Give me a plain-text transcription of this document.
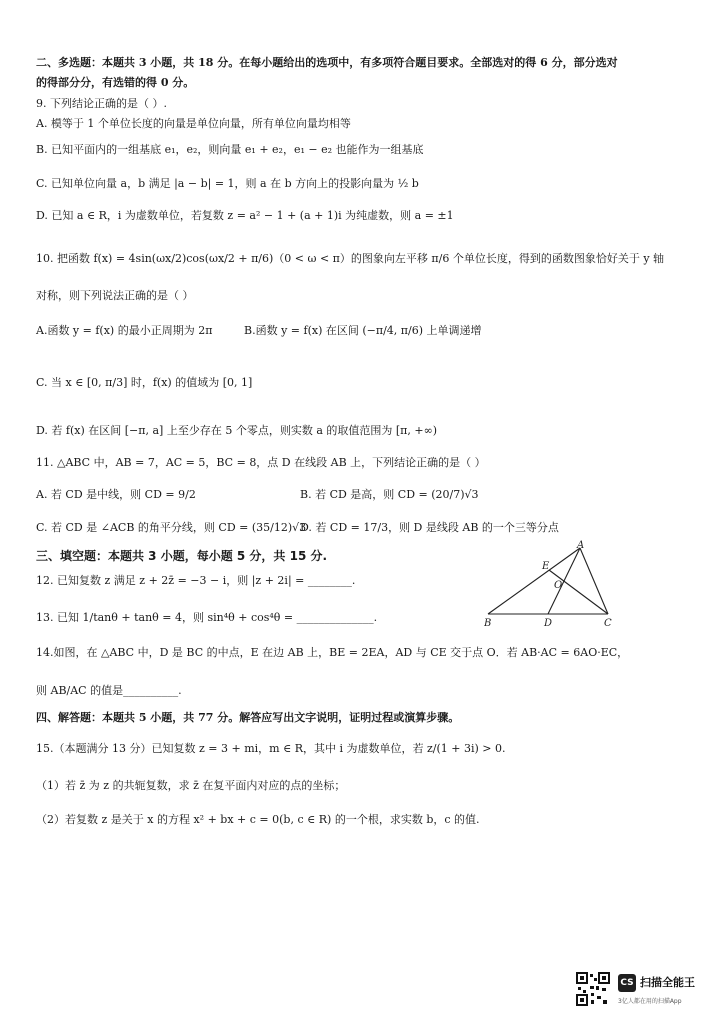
二、多选题：本题共 3 小题，共 18 分。在每小题给出的选项中，有多项符合题目要求。全部选对的得 6 分，部分选对
的得部分分，有选错的得 0 分。
9. 下列结论正确的是（ ）.
A. 模等于 1 个单位长度的向量是单位向量，所有单位向量均相等
B. 已知平面内的一组基底 e₁，e₂，则向量 e₁ + e₂，e₁ − e₂ 也能作为一组基底
C. 已知单位向量 a，b 满足 |a − b| = 1，则 a 在 b 方向上的投影向量为 ½ b
D. 已知 a ∈ R，i 为虚数单位，若复数 z = a² − 1 + (a + 1)i 为纯虚数，则 a = ±1
10. 把函数 f(x) = 4sin(ωx/2)cos(ωx/2 + π/6)（0 < ω < π）的图象向左平移 π/6 个单位长度，得到的函数图象恰好关于 y 轴
对称，则下列说法正确的是（ ）
A.函数 y = f(x) 的最小正周期为 2π	B.函数 y = f(x) 在区间 (−π/4, π/6) 上单调递增
C. 当 x ∈ [0, π/3] 时，f(x) 的值域为 [0, 1]
D. 若 f(x) 在区间 [−π, a] 上至少存在 5 个零点，则实数 a 的取值范围为 [π, +∞)
11. △ABC 中，AB = 7，AC = 5，BC = 8，点 D 在线段 AB 上，下列结论正确的是（ ）
A. 若 CD 是中线，则 CD = 9/2	B. 若 CD 是高，则 CD = (20/7)√3
C. 若 CD 是 ∠ACB 的角平分线，则 CD = (35/12)√3
D. 若 CD = 17/3，则 D 是线段 AB 的一个三等分点
三、填空题：本题共 3 小题，每小题 5 分，共 15 分.
12. 已知复数 z 满足 z + 2z̄ = −3 − i，则 |z + 2i| = ________.
13. 已知 1/tanθ + tanθ = 4，则 sin⁴θ + cos⁴θ = ______________.
A
B	C
D
E
O
14.如图，在 △ABC 中，D 是 BC 的中点，E 在边 AB 上，BE = 2EA，AD 与 CE 交于点 O．若 AB·AC = 6AO·EC，
则 AB/AC 的值是__________.
四、解答题：本题共 5 小题，共 77 分。解答应写出文字说明，证明过程或演算步骤。
15.（本题满分 13 分）已知复数 z = 3 + mi，m ∈ R，其中 i 为虚数单位，若 z/(1 + 3i) > 0.
（1）若 z̄ 为 z 的共轭复数，求 z̄ 在复平面内对应的点的坐标；
（2）若复数 z 是关于 x 的方程 x² + bx + c = 0(b, c ∈ R) 的一个根，求实数 b，c 的值.
CS 扫描全能王
3亿人都在用的扫描App
